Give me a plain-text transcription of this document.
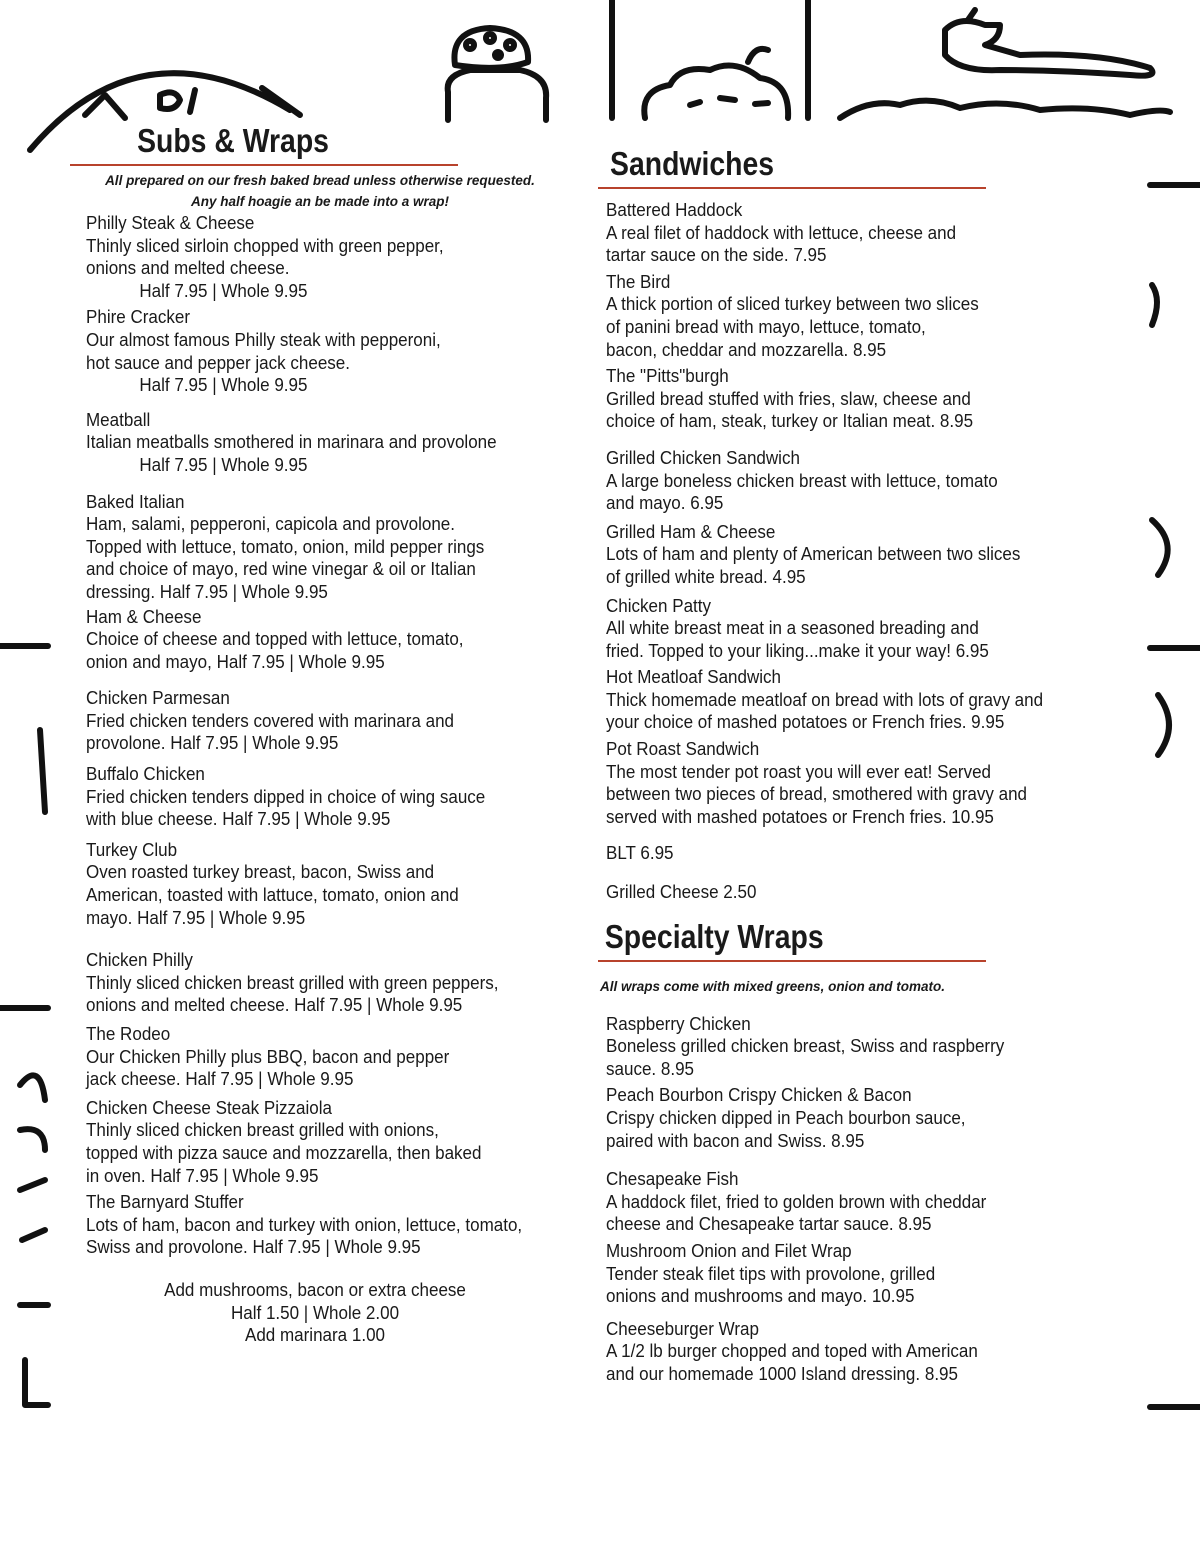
Subs & Wraps
All prepared on our fresh baked bread unless otherwise requested.
Any half hoagie an be made into a wrap!
Philly Steak & Cheese
Thinly sliced sirloin chopped with green pepper,
onions and melted cheese.
Half 7.95 | Whole 9.95
Phire Cracker
Our almost famous Philly steak with pepperoni,
hot sauce and pepper jack cheese.
Half 7.95 | Whole 9.95
Meatball
Italian meatballs smothered in marinara and provolone
Half 7.95 | Whole 9.95
Baked Italian
Ham, salami, pepperoni, capicola and provolone.
Topped with lettuce, tomato, onion, mild pepper rings
and choice of mayo, red wine vinegar & oil or Italian
dressing. Half 7.95 | Whole 9.95
Ham & Cheese
Choice of cheese and topped with lettuce, tomato,
onion and mayo, Half 7.95 | Whole 9.95
Chicken Parmesan
Fried chicken tenders covered with marinara and
provolone. Half 7.95 | Whole 9.95
Buffalo Chicken
Fried chicken tenders dipped in choice of wing sauce
with blue cheese. Half 7.95 | Whole 9.95
Turkey Club
Oven roasted turkey breast, bacon, Swiss and
American, toasted with lattuce, tomato, onion and
mayo. Half 7.95 | Whole 9.95
Chicken Philly
Thinly sliced chicken breast grilled with green peppers,
onions and melted cheese. Half 7.95 | Whole 9.95
The Rodeo
Our Chicken Philly plus BBQ, bacon and pepper
jack cheese. Half 7.95 | Whole 9.95
Chicken Cheese Steak Pizzaiola
Thinly sliced chicken breast grilled with onions,
topped with pizza sauce and mozzarella, then baked
in oven. Half 7.95 | Whole 9.95
The Barnyard Stuffer
Lots of ham, bacon and turkey with onion, lettuce, tomato,
Swiss and provolone. Half 7.95 | Whole 9.95
Add mushrooms, bacon or extra cheese
Half 1.50 | Whole 2.00
Add marinara 1.00
Sandwiches
Battered Haddock
A real filet of haddock with lettuce, cheese and
tartar sauce on the side. 7.95
The Bird
A thick portion of sliced turkey between two slices
of panini bread with mayo, lettuce, tomato,
bacon, cheddar and mozzarella. 8.95
The "Pitts"burgh
Grilled bread stuffed with fries, slaw, cheese and
choice of ham, steak, turkey or Italian meat. 8.95
Grilled Chicken Sandwich
A large boneless chicken breast with lettuce, tomato
and mayo. 6.95
Grilled Ham & Cheese
Lots of ham and plenty of American between two slices
of grilled white bread. 4.95
Chicken Patty
All white breast meat in a seasoned breading and
fried. Topped to your liking...make it your way! 6.95
Hot Meatloaf Sandwich
Thick homemade meatloaf on bread with lots of gravy and
your choice of mashed potatoes or French fries. 9.95
Pot Roast Sandwich
The most tender pot roast you will ever eat! Served
between two pieces of bread, smothered with gravy and
served with mashed potatoes or French fries. 10.95
BLT 6.95
Grilled Cheese 2.50
Specialty Wraps
All wraps come with mixed greens, onion and tomato.
Raspberry Chicken
Boneless grilled chicken breast, Swiss and raspberry
sauce. 8.95
Peach Bourbon Crispy Chicken & Bacon
Crispy chicken dipped in Peach bourbon sauce,
paired with bacon and Swiss. 8.95
Chesapeake Fish
A haddock filet, fried to golden brown with cheddar
cheese and Chesapeake tartar sauce. 8.95
Mushroom Onion and Filet Wrap
Tender steak filet tips with provolone, grilled
onions and mushrooms and mayo. 10.95
Cheeseburger Wrap
A 1/2 lb burger chopped and toped with American
and our homemade 1000 Island dressing. 8.95
